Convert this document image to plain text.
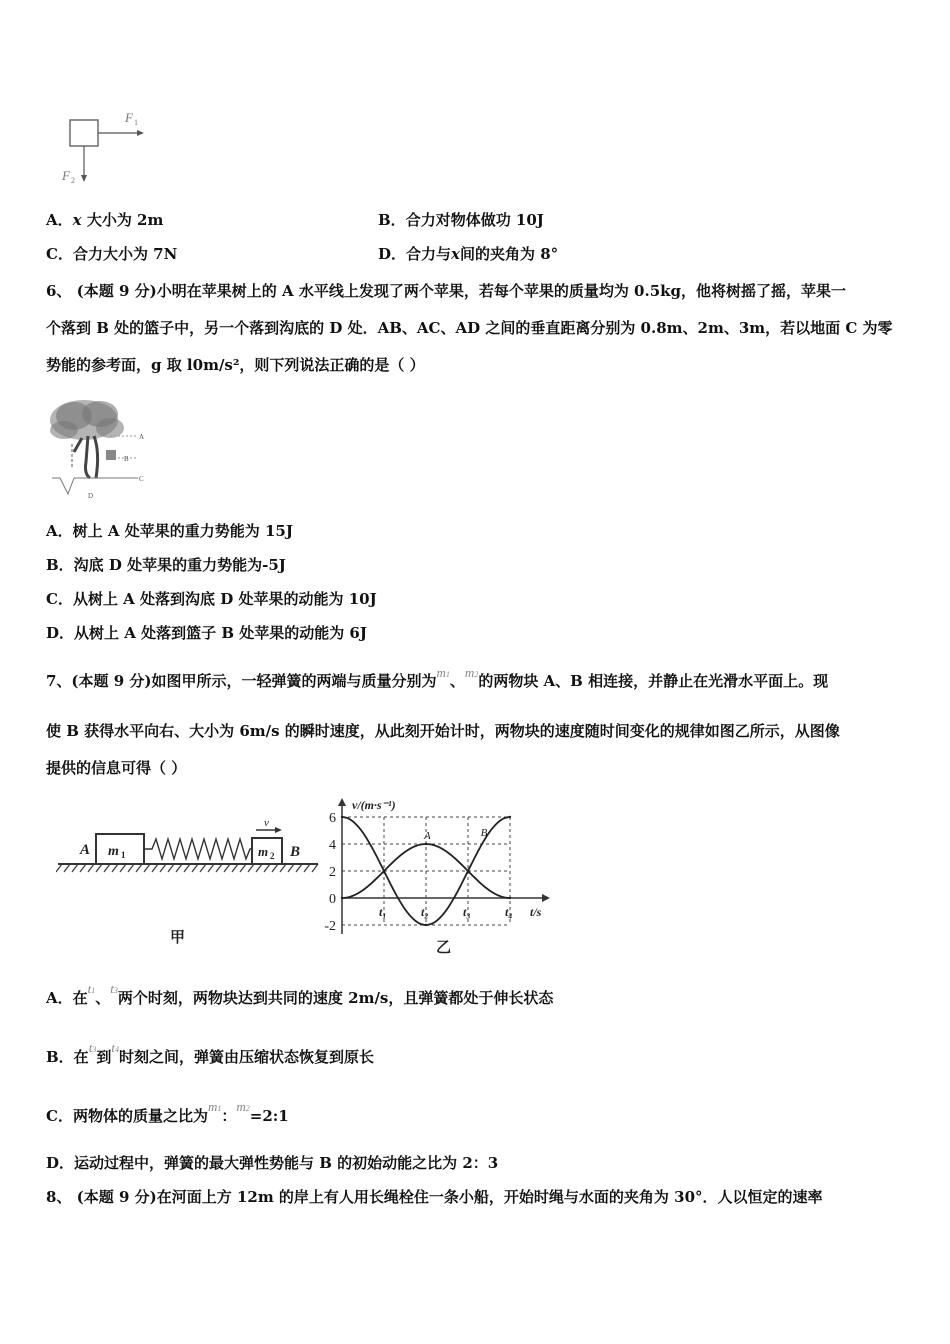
F 1
F 2
A．x 大小为 2m	B．合力对物体做功 10J
C．合力大小为 7N	D．合力与x间的夹角为 8°
6、 (本题 9 分)小明在苹果树上的 A 水平线上发现了两个苹果，若每个苹果的质量均为 0.5kg，他将树摇了摇，苹果一
个落到 B 处的篮子中，另一个落到沟底的 D 处．AB、AC、AD 之间的垂直距离分别为 0.8m、2m、3m，若以地面 C 为零
势能的参考面，g 取 l0m/s²，则下列说法正确的是（ ）
A
B
C
D
A．树上 A 处苹果的重力势能为 15J
B．沟底 D 处苹果的重力势能为-5J
C．从树上 A 处落到沟底 D 处苹果的动能为 10J
D．从树上 A 处落到篮子 B 处苹果的动能为 6J
7、(本题 9 分)如图甲所示，一轻弹簧的两端与质量分别为m1、m2的两物块 A、B 相连接，并静止在光滑水平面上。现
使 B 获得水平向右、大小为 6m/s 的瞬时速度，从此刻开始计时，两物块的速度随时间变化的规律如图乙所示，从图像
提供的信息可得（ ）
A m 1	m 2 B
v
甲
v/(m·s⁻¹)
t/s
-2
0
2
4
6
t₁	t₂	t₃	t₄
A	B
乙
A．在t1、t3两个时刻，两物块达到共同的速度 2m/s，且弹簧都处于伸长状态
B．在t3到t4时刻之间，弹簧由压缩状态恢复到原长
C．两物体的质量之比为m1：m2=2:1
D．运动过程中，弹簧的最大弹性势能与 B 的初始动能之比为 2：3
8、 (本题 9 分)在河面上方 12m 的岸上有人用长绳栓住一条小船，开始时绳与水面的夹角为 30°．人以恒定的速率
